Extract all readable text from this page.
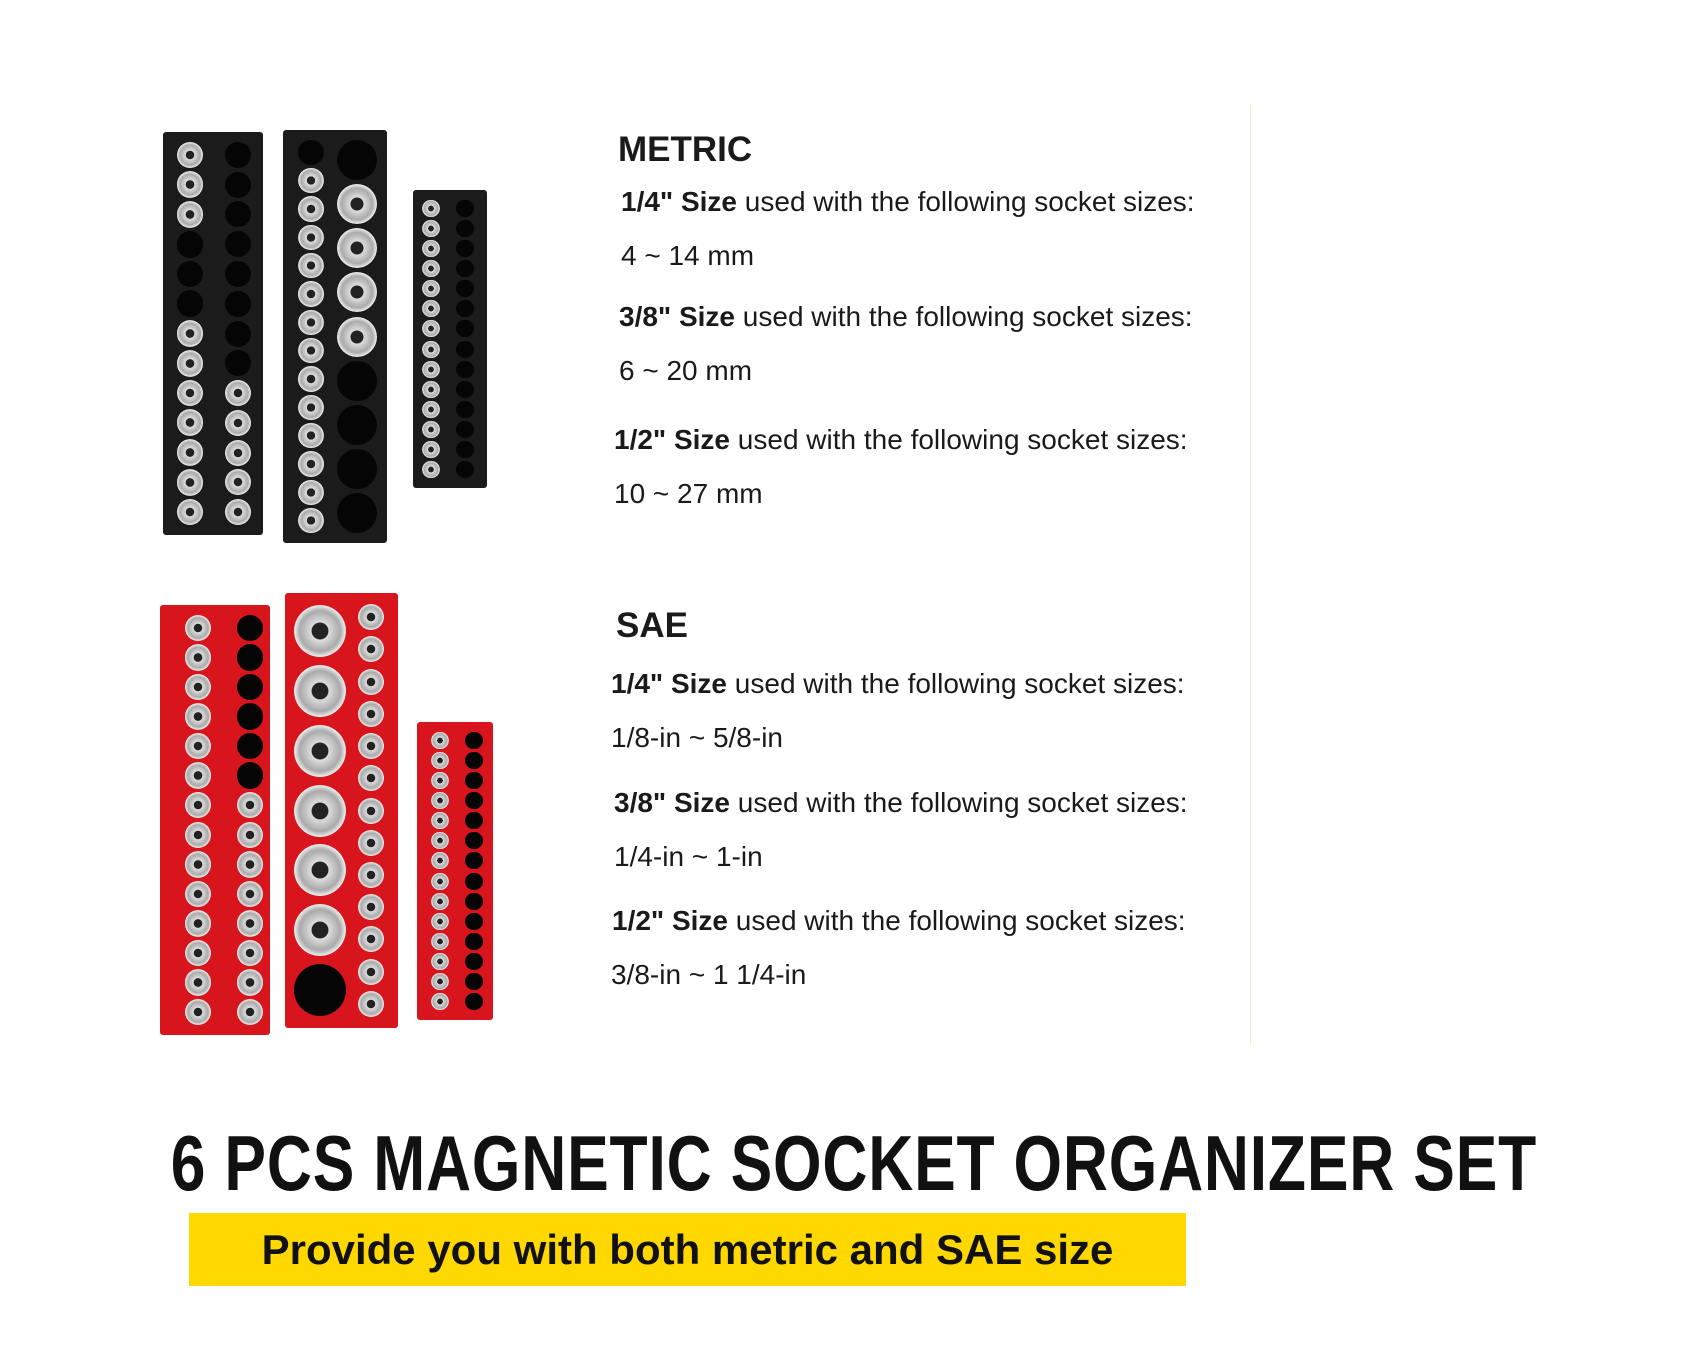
METRIC
1/4" Size used with the following socket sizes:
4 ~ 14 mm
3/8" Size used with the following socket sizes:
6 ~ 20 mm
1/2" Size used with the following socket sizes:
10 ~ 27 mm
SAE
1/4" Size used with the following socket sizes:
1/8-in ~ 5/8-in
3/8" Size used with the following socket sizes:
1/4-in ~ 1-in
1/2" Size used with the following socket sizes:
3/8-in ~ 1 1/4-in
6 PCS MAGNETIC SOCKET ORGANIZER SET
Provide you with both metric and SAE size
